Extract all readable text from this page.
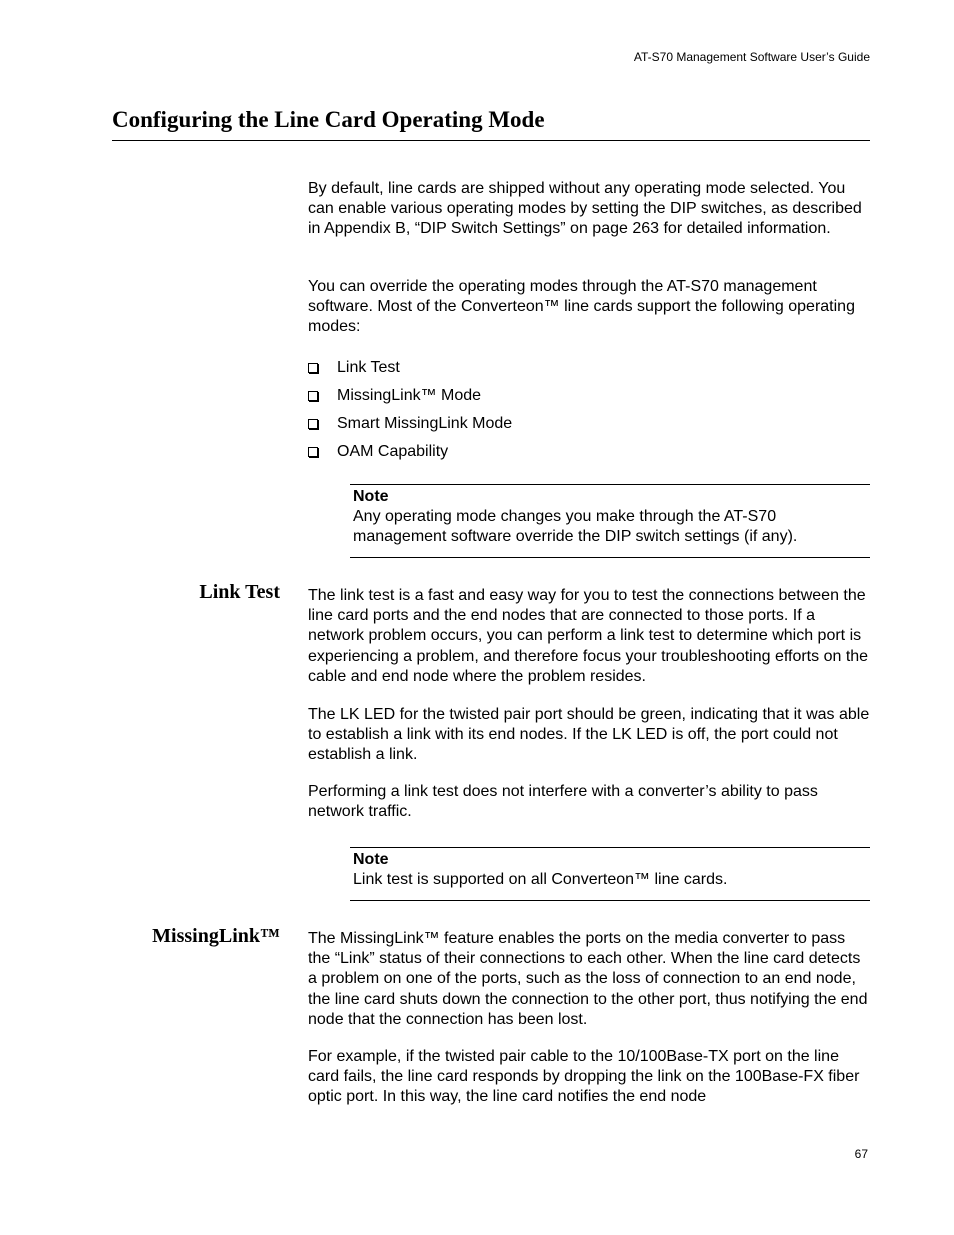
AT-S70 Management Software User’s Guide
Configuring the Line Card Operating Mode

By default, line cards are shipped without any operating mode selected. You can enable various operating modes by setting the DIP switches, as described in Appendix B, “DIP Switch Settings” on page 263 for detailed information.

You can override the operating modes through the AT-S70 management software. Most of the Converteon™ line cards support the following operating modes:

Link Test
MissingLink™ Mode
Smart MissingLink Mode
OAM Capability
Note
Any operating mode changes you make through the AT-S70 management software override the DIP switch settings (if any).
Link Test The link test is a fast and easy way for you to test the connections between the line card ports and the end nodes that are connected to those ports. If a network problem occurs, you can perform a link test to determine which port is experiencing a problem, and therefore focus your troubleshooting efforts on the cable and end node where the problem resides.

The LK LED for the twisted pair port should be green, indicating that it was able to establish a link with its end nodes. If the LK LED is off, the port could not establish a link.

Performing a link test does not interfere with a converter’s ability to pass network traffic.

Note
Link test is supported on all Converteon™ line cards.
MissingLink™ The MissingLink™ feature enables the ports on the media converter to pass the “Link” status of their connections to each other. When the line card detects a problem on one of the ports, such as the loss of connection to an end node, the line card shuts down the connection to the other port, thus notifying the end node that the connection has been lost.

For example, if the twisted pair cable to the 10/100Base-TX port on the line card fails, the line card responds by dropping the link on the 100Base-FX fiber optic port. In this way, the line card notifies the end node

67
